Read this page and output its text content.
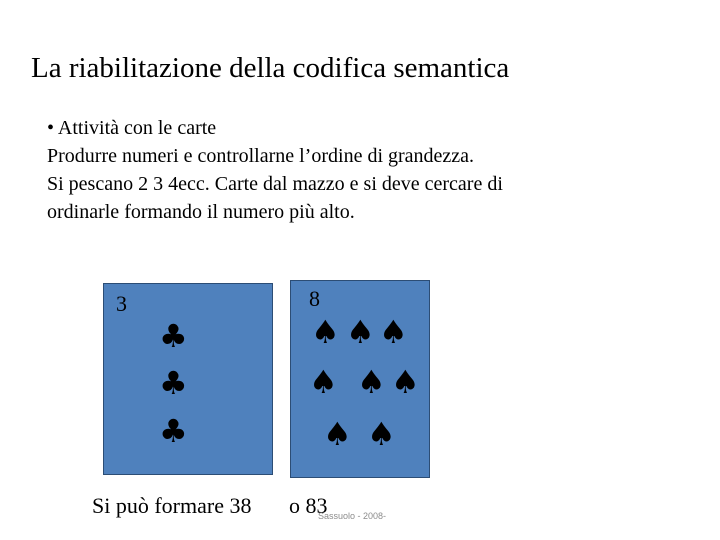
La riabilitazione della codifica semantica
• Attività con le carte
Produrre numeri e controllarne l’ordine di grandezza.
Si pescano 2 3 4ecc. Carte dal mazzo e si deve cercare di
ordinarle formando il numero più alto.
3
♣
♣
♣
8
♠ ♠ ♠
♠ ♠ ♠
♠ ♠
Si può formare 38 o 83
Sassuolo - 2008-
